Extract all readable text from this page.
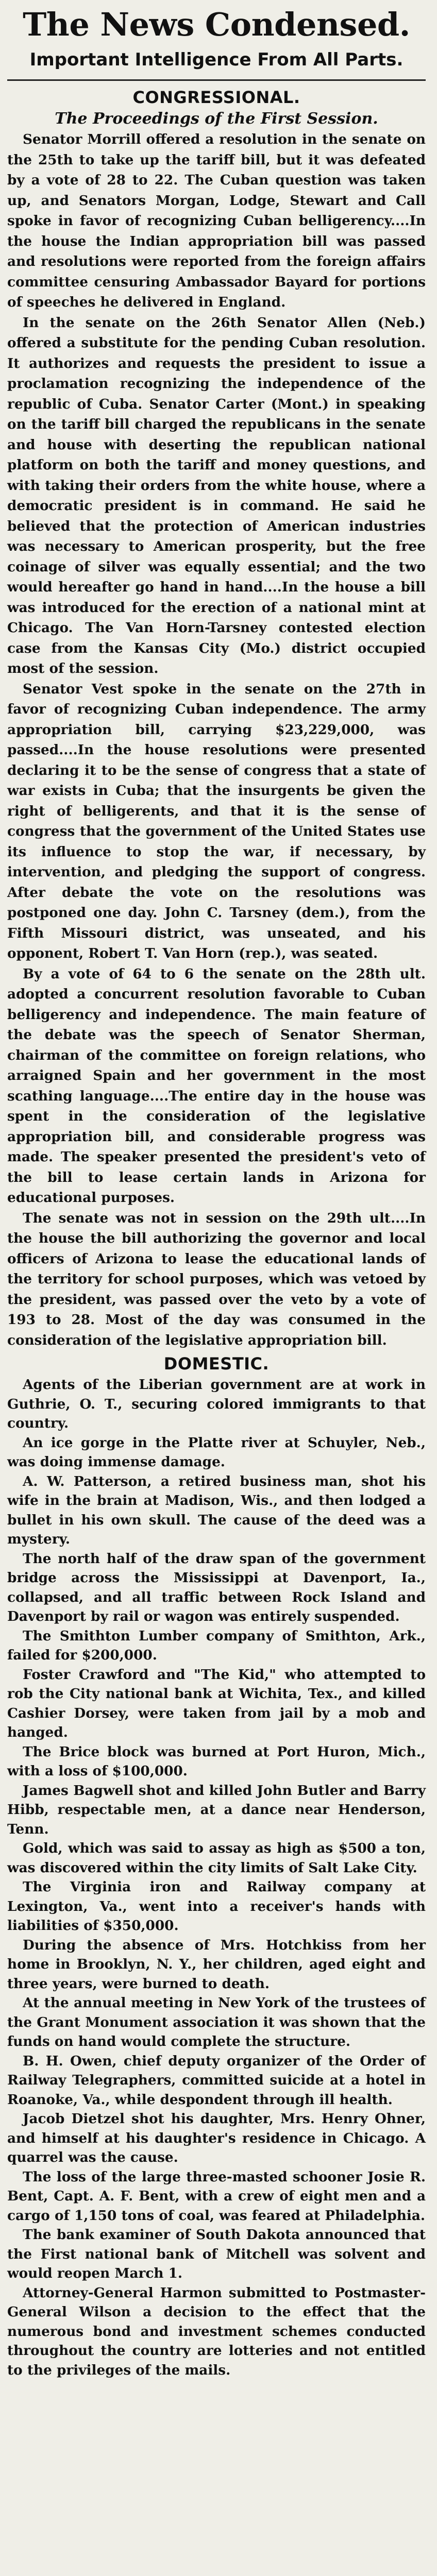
The News Condensed.
Important Intelligence From All Parts.
CONGRESSIONAL.
The Proceedings of the First Session.

Senator Morrill offered a resolution in the senate on the 25th to take up the tariff bill, but it was defeated by a vote of 28 to 22. The Cuban question was taken up, and Senators Morgan, Lodge, Stewart and Call spoke in favor of recognizing Cuban belligerency....In the house the Indian appropriation bill was passed and resolutions were reported from the foreign affairs committee censuring Ambassador Bayard for portions of speeches he delivered in England.

In the senate on the 26th Senator Allen (Neb.) offered a substitute for the pending Cuban resolution. It authorizes and requests the president to issue a proclamation recognizing the independence of the republic of Cuba. Senator Carter (Mont.) in speaking on the tariff bill charged the republicans in the senate and house with deserting the republican national platform on both the tariff and money questions, and with taking their orders from the white house, where a democratic president is in command. He said he believed that the protection of American industries was necessary to American prosperity, but the free coinage of silver was equally essential; and the two would hereafter go hand in hand....In the house a bill was introduced for the erection of a national mint at Chicago. The Van Horn-Tarsney contested election case from the Kansas City (Mo.) district occupied most of the session.

Senator Vest spoke in the senate on the 27th in favor of recognizing Cuban independence. The army appropriation bill, carrying $23,229,000, was passed....In the house resolutions were presented declaring it to be the sense of congress that a state of war exists in Cuba; that the insurgents be given the right of belligerents, and that it is the sense of congress that the government of the United States use its influence to stop the war, if necessary, by intervention, and pledging the support of congress. After debate the vote on the resolutions was postponed one day. John C. Tarsney (dem.), from the Fifth Missouri district, was unseated, and his opponent, Robert T. Van Horn (rep.), was seated.

By a vote of 64 to 6 the senate on the 28th ult. adopted a concurrent resolution favorable to Cuban belligerency and independence. The main feature of the debate was the speech of Senator Sherman, chairman of the committee on foreign relations, who arraigned Spain and her government in the most scathing language....The entire day in the house was spent in the consideration of the legislative appropriation bill, and considerable progress was made. The speaker presented the president's veto of the bill to lease certain lands in Arizona for educational purposes.

The senate was not in session on the 29th ult....In the house the bill authorizing the governor and local officers of Arizona to lease the educational lands of the territory for school purposes, which was vetoed by the president, was passed over the veto by a vote of 193 to 28. Most of the day was consumed in the consideration of the legislative appropriation bill.

DOMESTIC.

Agents of the Liberian government are at work in Guthrie, O. T., securing colored immigrants to that country.

An ice gorge in the Platte river at Schuyler, Neb., was doing immense damage.

A. W. Patterson, a retired business man, shot his wife in the brain at Madison, Wis., and then lodged a bullet in his own skull. The cause of the deed was a mystery.

The north half of the draw span of the government bridge across the Mississippi at Davenport, Ia., collapsed, and all traffic between Rock Island and Davenport by rail or wagon was entirely suspended.

The Smithton Lumber company of Smithton, Ark., failed for $200,000.

Foster Crawford and "The Kid," who attempted to rob the City national bank at Wichita, Tex., and killed Cashier Dorsey, were taken from jail by a mob and hanged.

The Brice block was burned at Port Huron, Mich., with a loss of $100,000.

James Bagwell shot and killed John Butler and Barry Hibb, respectable men, at a dance near Henderson, Tenn.

Gold, which was said to assay as high as $500 a ton, was discovered within the city limits of Salt Lake City.

The Virginia iron and Railway company at Lexington, Va., went into a receiver's hands with liabilities of $350,000.

During the absence of Mrs. Hotchkiss from her home in Brooklyn, N. Y., her children, aged eight and three years, were burned to death.

At the annual meeting in New York of the trustees of the Grant Monument association it was shown that the funds on hand would complete the structure.

B. H. Owen, chief deputy organizer of the Order of Railway Telegraphers, committed suicide at a hotel in Roanoke, Va., while despondent through ill health.

Jacob Dietzel shot his daughter, Mrs. Henry Ohner, and himself at his daughter's residence in Chicago. A quarrel was the cause.

The loss of the large three-masted schooner Josie R. Bent, Capt. A. F. Bent, with a crew of eight men and a cargo of 1,150 tons of coal, was feared at Philadelphia.

The bank examiner of South Dakota announced that the First national bank of Mitchell was solvent and would reopen March 1.

Attorney-General Harmon submitted to Postmaster-General Wilson a decision to the effect that the numerous bond and investment schemes conducted throughout the country are lotteries and not entitled to the privileges of the mails.
